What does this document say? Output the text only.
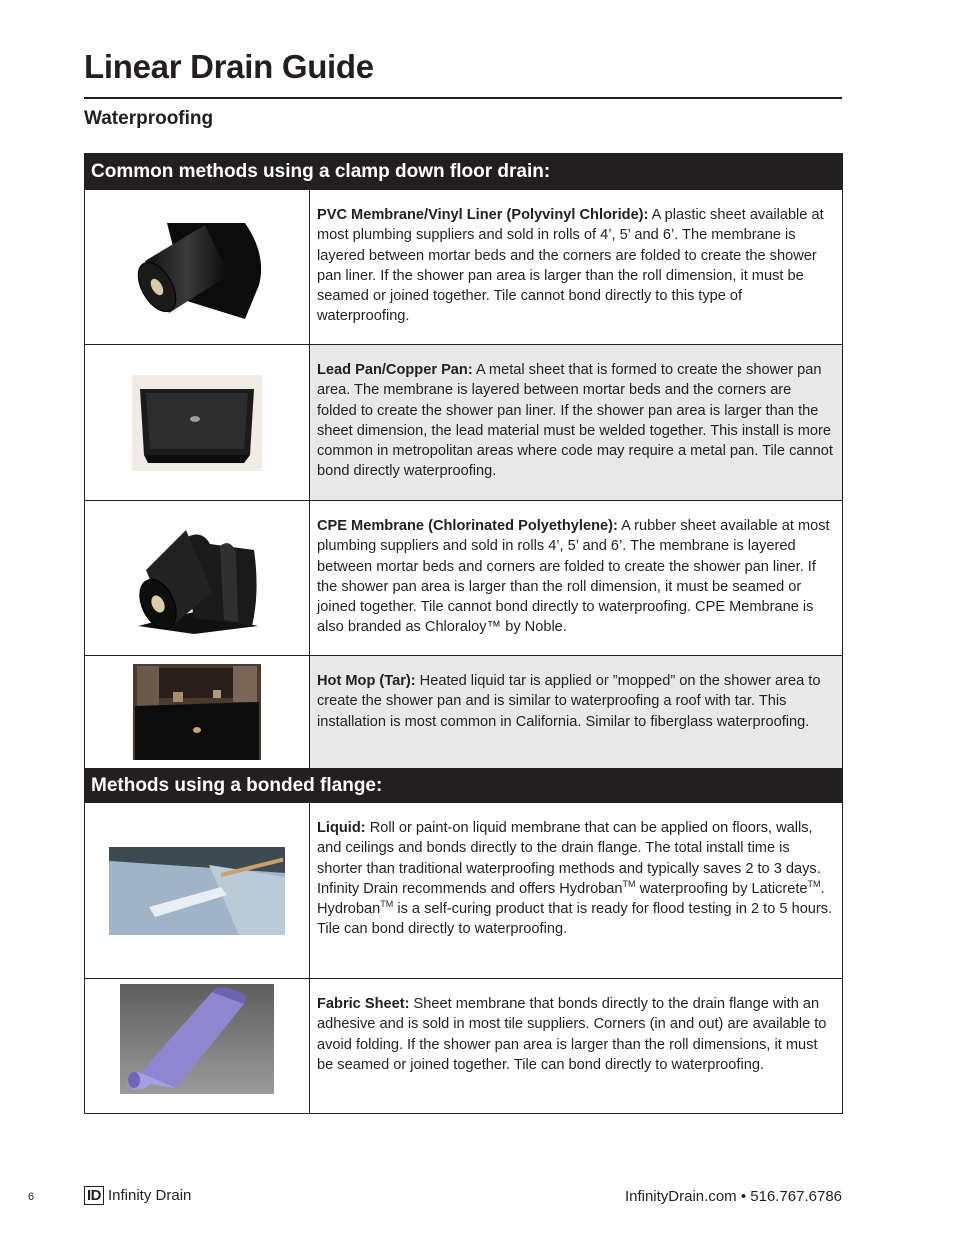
Linear Drain Guide
Waterproofing
Common methods using a clamp down floor drain:
PVC Membrane/Vinyl Liner (Polyvinyl Chloride): A plastic sheet available at most plumbing suppliers and sold in rolls of 4’, 5’ and 6’. The membrane is layered between mortar beds and the corners are folded to create the shower pan liner. If the shower pan area is larger than the roll dimension, it must be seamed or joined together. Tile cannot bond directly to this type of waterproofing.
Lead Pan/Copper Pan: A metal sheet that is formed to create the shower pan area. The membrane is layered between mortar beds and the corners are folded to create the shower pan liner. If the shower pan area is larger than the sheet dimension, the lead material must be welded together. This install is more common in metropolitan areas where code may require a metal pan. Tile cannot bond directly waterproofing.
CPE Membrane (Chlorinated Polyethylene): A rubber sheet available at most plumbing suppliers and sold in rolls 4’, 5’ and 6’. The membrane is layered between mortar beds and corners are folded to create the shower pan liner. If the shower pan area is larger than the roll dimension, it must be seamed or joined together. Tile cannot bond directly to waterproofing. CPE Membrane is also branded as Chloraloy™ by Noble.
Hot Mop (Tar): Heated liquid tar is applied or ”mopped” on the shower area to create the shower pan and is similar to waterproofing a roof with tar. This installation is most common in California. Similar to fiberglass waterproofing.
Methods using a bonded flange:
Liquid: Roll or paint-on liquid membrane that can be applied on floors, walls, and ceilings and bonds directly to the drain flange. The total install time is shorter than traditional waterproofing methods and typically saves 2 to 3 days. Infinity Drain recommends and offers Hydroban™ waterproofing by Laticrete™. Hydroban™ is a self-curing product that is ready for flood testing in 2 to 5 hours. Tile can bond directly to waterproofing.
Fabric Sheet: Sheet membrane that bonds directly to the drain flange with an adhesive and is sold in most tile suppliers. Corners (in and out) are available to avoid folding. If the shower pan area is larger than the roll dimensions, it must be seamed or joined together. Tile can bond directly to waterproofing.
6	ID Infinity Drain	InfinityDrain.com • 516.767.6786
